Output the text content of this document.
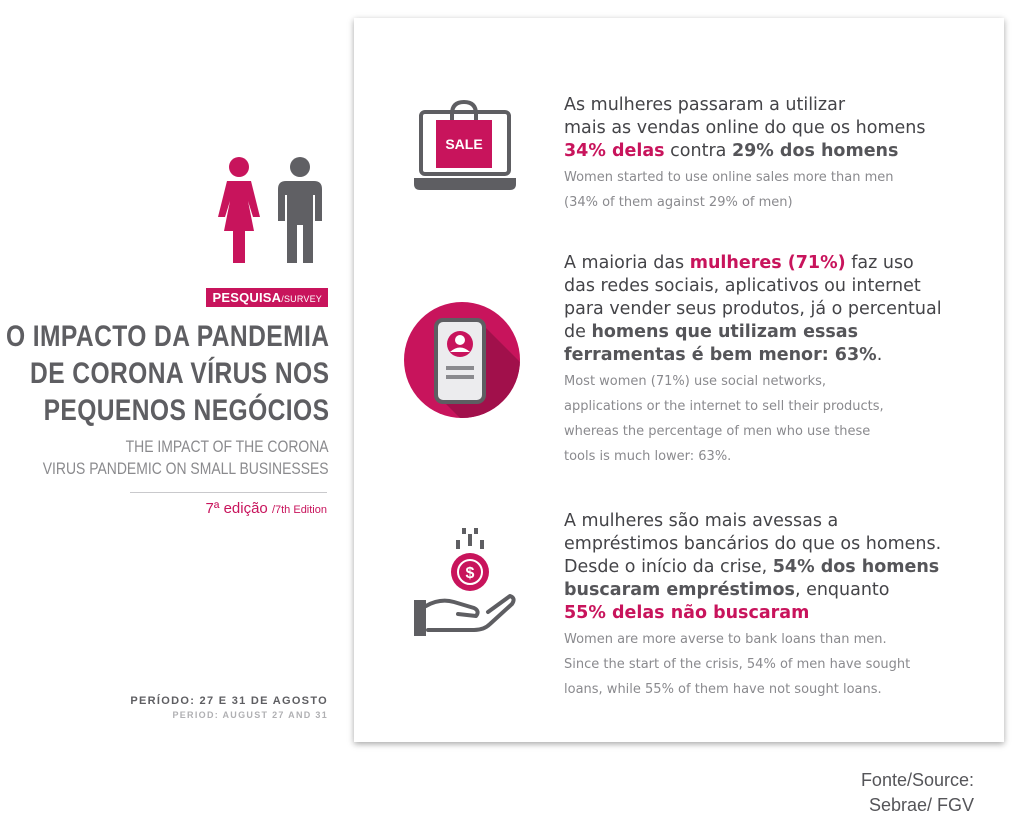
PESQUISA/SURVEY
O IMPACTO DA PANDEMIA
DE CORONA VÍRUS NOS
PEQUENOS NEGÓCIOS
THE IMPACT OF THE CORONA
VIRUS PANDEMIC ON SMALL BUSINESSES
7ª edição /7th Edition
PERÍODO: 27 E 31 DE AGOSTO
PERIOD: AUGUST 27 AND 31
SALE
As mulheres passaram a utilizar
mais as vendas online do que os homens
34% delas contra 29% dos homens
Women started to use online sales more than men
(34% of them against 29% of men)
A maioria das mulheres (71%) faz uso
das redes sociais, aplicativos ou internet
para vender seus produtos, já o percentual
de homens que utilizam essas
ferramentas é bem menor: 63%.
Most women (71%) use social networks,
applications or the internet to sell their products,
whereas the percentage of men who use these
tools is much lower: 63%.
$
A mulheres são mais avessas a
empréstimos bancários do que os homens.
Desde o início da crise, 54% dos homens
buscaram empréstimos, enquanto
55% delas não buscaram
Women are more averse to bank loans than men.
Since the start of the crisis, 54% of men have sought
loans, while 55% of them have not sought loans.
Fonte/Source:
Sebrae/ FGV
